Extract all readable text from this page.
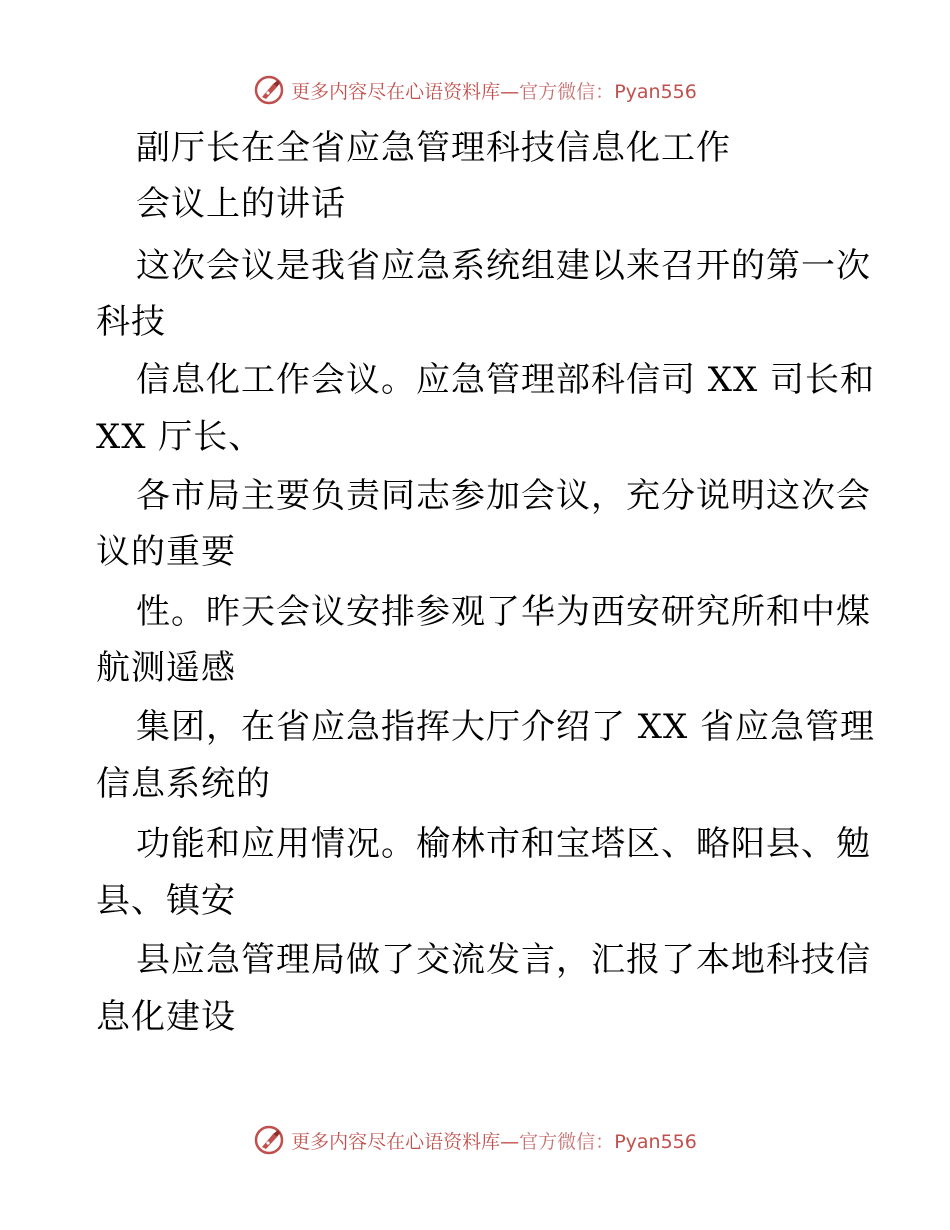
更多内容尽在心语资料库—官方微信：Pyan556
副厅长在全省应急管理科技信息化工作
会议上的讲话
这次会议是我省应急系统组建以来召开的第一次
科技
信息化工作会议。应急管理部科信司 XX 司长和
XX 厅长、
各市局主要负责同志参加会议，充分说明这次会
议的重要
性。昨天会议安排参观了华为西安研究所和中煤
航测遥感
集团，在省应急指挥大厅介绍了 XX 省应急管理
信息系统的
功能和应用情况。榆林市和宝塔区、略阳县、勉
县、镇安
县应急管理局做了交流发言，汇报了本地科技信
息化建设
更多内容尽在心语资料库—官方微信：Pyan556
